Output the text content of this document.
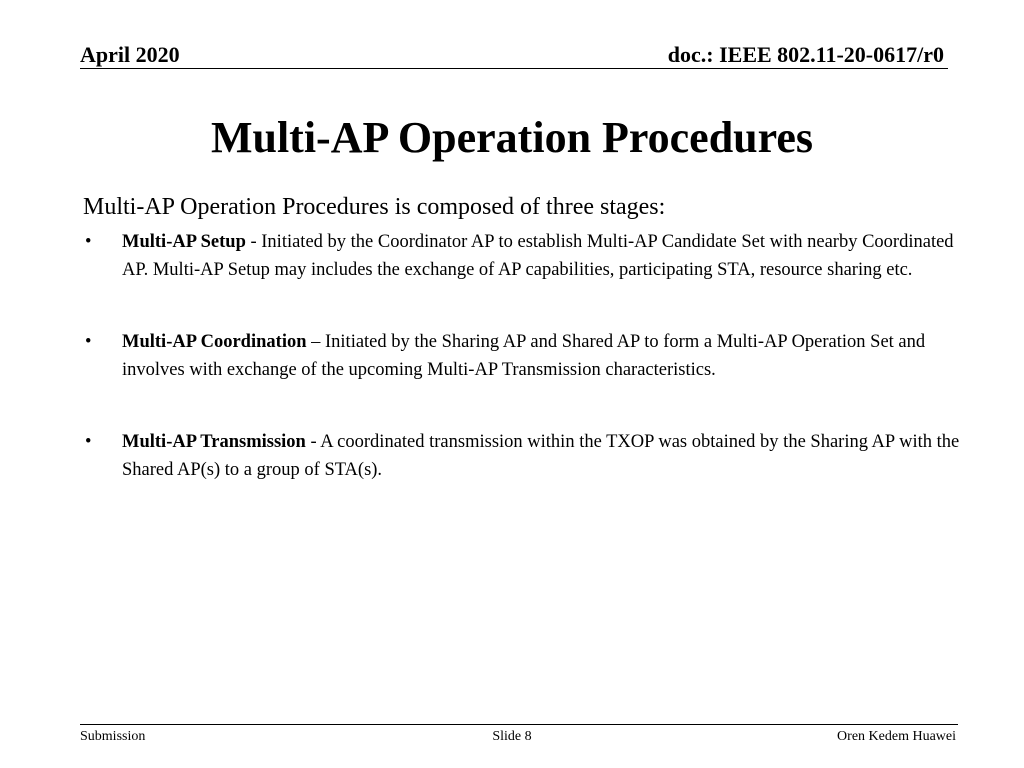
April 2020	doc.: IEEE 802.11-20-0617/r0
Multi-AP Operation Procedures
Multi-AP Operation Procedures is composed of three stages:
• Multi-AP Setup - Initiated by the Coordinator AP to establish Multi-AP Candidate Set with nearby Coordinated AP. Multi-AP Setup may includes the exchange of AP capabilities, participating STA, resource sharing etc.
• Multi-AP Coordination – Initiated by the Sharing AP and Shared AP to form a Multi-AP Operation Set and involves with exchange of the upcoming Multi-AP Transmission characteristics.
• Multi-AP Transmission - A coordinated transmission within the TXOP was obtained by the Sharing AP with the Shared AP(s) to a group of STA(s).
Submission	Slide 8	Oren Kedem Huawei
